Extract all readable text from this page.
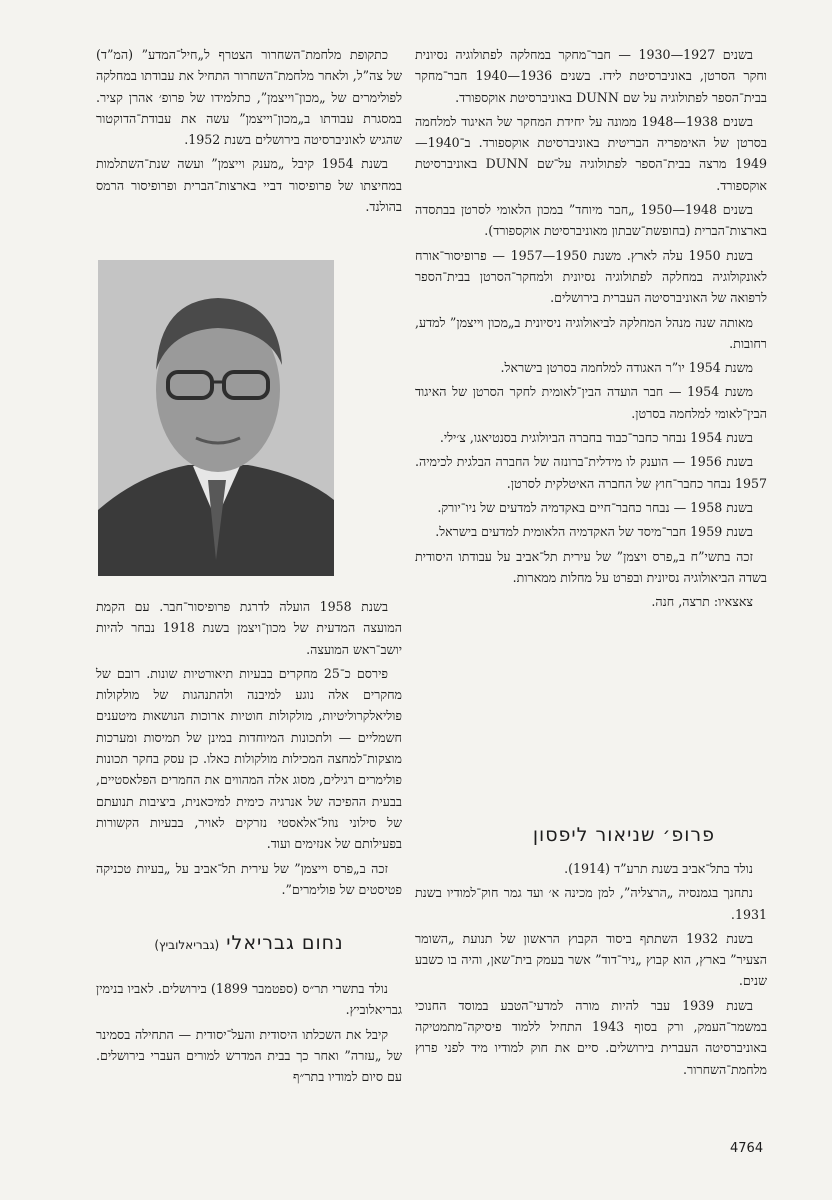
בשנים 1927—1930 — חבר־מחקר במחלקה לפתולוגיה נסיונית וחקר הסרטן, באוניברסיטת לידז. בשנים 1936—1940 חבר־מחקר בבית־הספר לפתולוגיה על שם DUNN באוניברסיטת אוקספורד.

בשנים 1938—1948 ממונה על יחידת המחקר של האיגוד למלחמה בסרטן של האימפריה הבריטית באוניברסיטת אוקספורד. ב־1940—1949 מרצה בבית־הספר לפתולוגיה על־שם DUNN באוניברסיטת אוקספורד.

בשנים 1948—1950 „חבר מיוחד” במכון הלאומי לסרטן בבתסדה בארצות־הברית (בחופשת־שבתון מאוניברסיטת אוקספורד).

בשנת 1950 עלה לארץ. משנת 1950—1957 — פרופיסור־אורח לאונקולוגיה במחלקה לפתולוגיה נסיונית ולמחקר־הסרטן בבית־הספר לרפואה של האוניברסיטה העברית בירושלים.

מאותה שנה מנהל המחלקה לביאולוגיה ניסיונית ב„מכון וייצמן” למדע, רחובות.

משנת 1954 יו”ר האגודה למלחמה בסרטן בישראל.

משנת 1954 — חבר הועדה הבין־לאומית לחקר הסרטן של האיגוד הבין־לאומי למלחמה בסרטן.

בשנת 1954 נבחר כחבר־כבוד בחברה הביולוגית בסנטיאגו, צ׳ילי.

בשנת 1956 — הוענק לו מידלית־ברונזה של החברה הבלגית לכימיה. 1957 נבחר כחבר־חוץ של החברה האיטלקית לסרטן.

בשנת 1958 — נבחר כחבר־חיים באקדמיה למדעים של ניו־יורק.

בשנת 1959 חבר־מיסד של האקדמיה הלאומית למדעים בישראל.

זכה בתשי”ח ב„פרס ויצמן” של עירית תל־אביב על עבודתו היסודית בשדה הביאולוגיה נסיונית ובפרט על מחלות ממארות.

צאצאיו: תרצה, חנה.

כתקופת מלחמת־השחרור הצטרף ל„חיל־המדע” (המ”ד) של צה”ל, ולאחר מלחמת־השחרור התחיל את עבודתו במחלקה לפולימרים של „מכון־וייצמן”, כתלמידו של פרופ׳ אהרן קציר. במסגרת עבודתו ב„מכון־וייצמן” עשה את עבודת־הדוקטור שהגיש לאוניברסיטה בירושלים בשנת 1952.

בשנת 1954 קיבל „מענק וייצמן” ועשה שנת־השתלמות במחיצתו של פרופיסור דביי בארצות־הברית ופרופיסור הרמס בהולנד.

בשנת 1958 הועלה לדרגת פרופיסור־חבר. עם הקמת המועצה המדעית של מכון־ויצמן בשנת 1918 נבחר להיות יושב־ראש המועצה.

פירסם כ־25 מחקרים בבעיות תיאורטיות שונות. רובם של מחקרים אלה נוגע למיבנה ולהתנהגות של מולקולות פוליאלקרוליטיות, מולקולות חוטיות ארוכות הנושאות מיטענים חשמליים — ולתכונות המיוחדות במינן של תמיסות ומערכות מוצקות־למחצה המכילות מולקולות כאלו. כן עסק בחקר תכונות פולימרים רגילים, מסוג אלה המהווים את החמרים הפלאסטיים, בבעית ההפיכה של אנרגיה כימית למיכאנית, ביציבות תנועתם של סילוני נוזל־אלאסטי נזרקים לאויר, בבעיות הקשורות בפעילותם של אנזימים ועוד.

זכה ב„פרס וייצמן” של עירית תל־אביב על „בעיות טכניקה פטיסטים של פולימרים”.

פרופ׳ שניאור ליפסון

נולד בתל־אביב בשנת תרע”ד (1914).

נתחנך בגמנסיה „הרצליה”, למן מכינה א׳ ועד גמר חוק־למודיו בשנת 1931.

בשנת 1932 השתתף ביסוד הקבוץ הראשון של תנועת „השומר הצעיר” בארץ, הוא קבוץ „ניר־דוד” אשר בעמק בית־שאן, והיה בו כשבע שנים.

בשנת 1939 עבר להיות מורה למדעי־הטבע במוסד החנוכי במשמר־העמק, ורק בסוף 1943 התחיל ללמוד פיסיקה־מתמטיקה באוניברסיטה העברית בירושלים. סיים את חוק למודיו מיד לפני פרוץ מלחמת־השחרור.

נחום גבריאלי (גבריאלוביץ)

נולד בתשרי תר״ס (ספטמבר 1899) בירושלים. לאביו בנימין גבריאלוביץ.

קיבל את השכלתו היסודית והעל־יסודית — התחילה בסמינר של „עזרה” ואחר כך בבית המדרש למורים העברי בירושלים. עם סיום למודיו בתר״ף

4764
